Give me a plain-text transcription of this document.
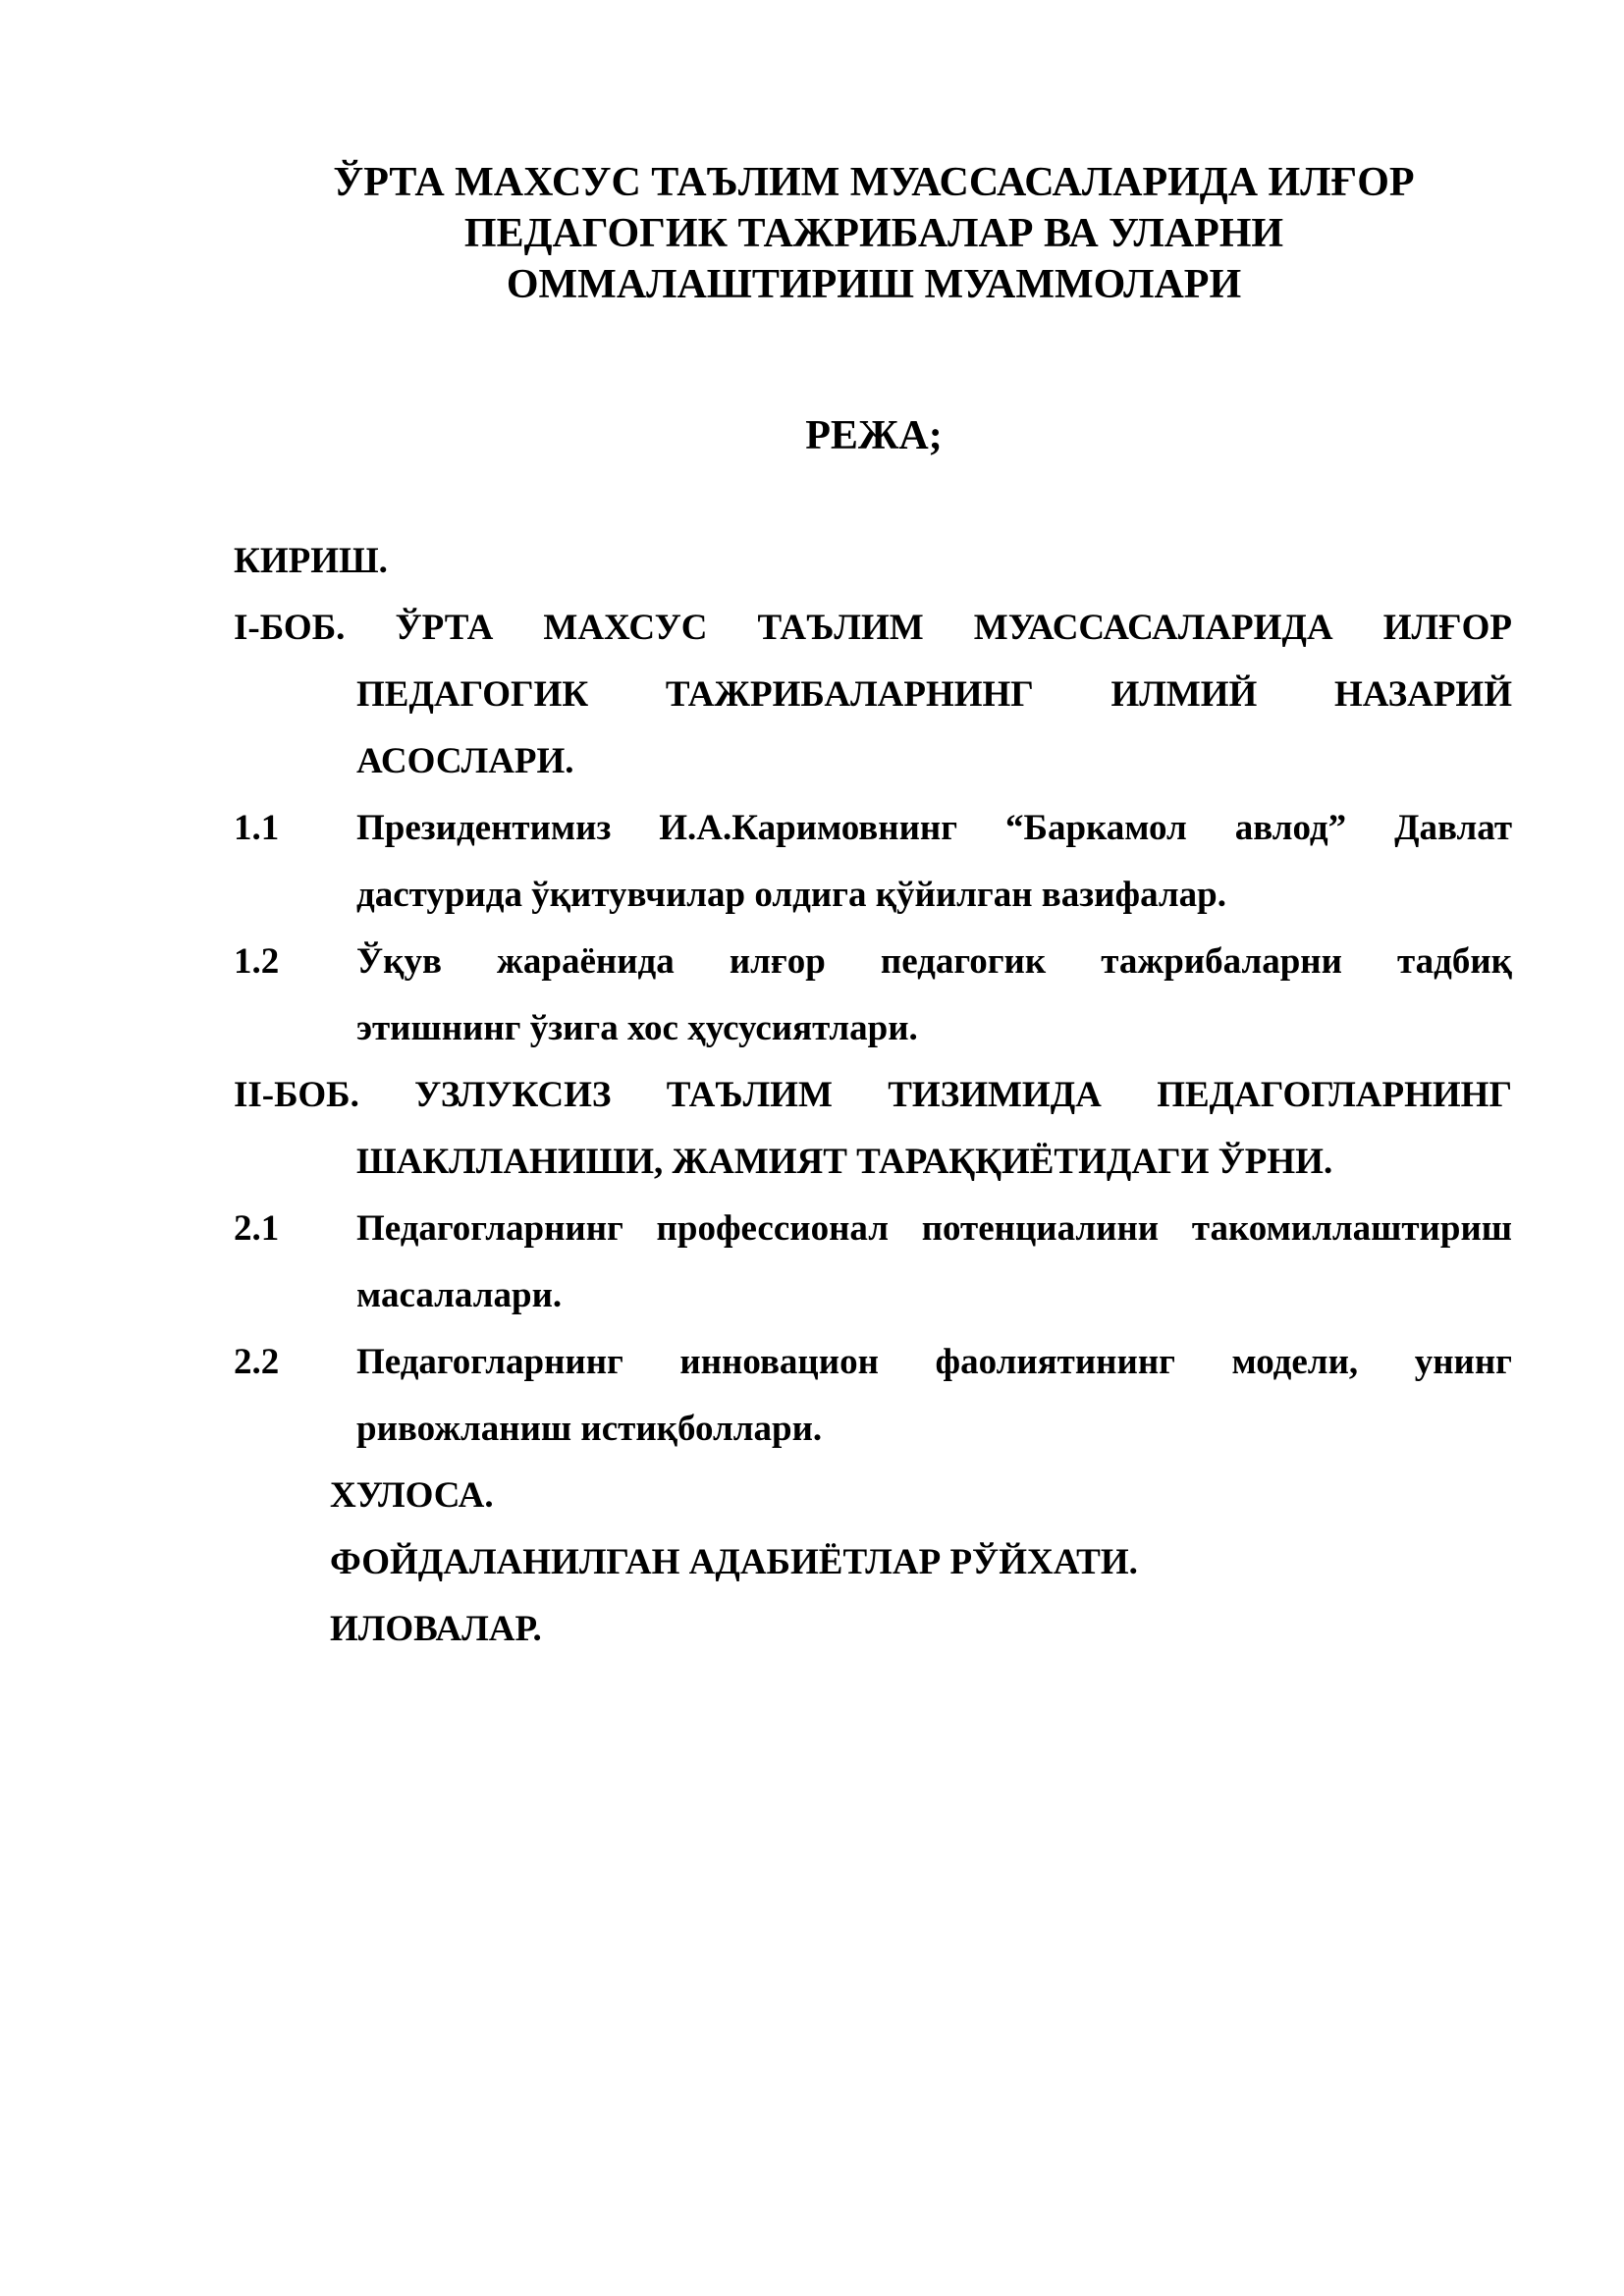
ЎРТА МАХСУС ТАЪЛИМ МУАССАСАЛАРИДА ИЛҒОР
ПЕДАГОГИК ТАЖРИБАЛАР ВА УЛАРНИ
ОММАЛАШТИРИШ МУАММОЛАРИ
РЕЖА;
КИРИШ.
I-БОБ. ЎРТА МАХСУС ТАЪЛИМ МУАССАСАЛАРИДА ИЛҒОР
ПЕДАГОГИК ТАЖРИБАЛАРНИНГ ИЛМИЙ НАЗАРИЙ
АСОСЛАРИ.
1.1 Президентимиз И.А.Каримовнинг “Баркамол авлод” Давлат
дастурида ўқитувчилар олдига қўйилган вазифалар.
1.2 Ўқув жараёнида илғор педагогик тажрибаларни тадбиқ
этишнинг ўзига хос ҳусусиятлари.
II-БОБ. УЗЛУКСИЗ ТАЪЛИМ ТИЗИМИДА ПЕДАГОГЛАРНИНГ
ШАКЛЛАНИШИ, ЖАМИЯТ ТАРАҚҚИЁТИДАГИ ЎРНИ.
2.1 Педагогларнинг профессионал потенциалини такомиллаштириш
масалалари.
2.2 Педагогларнинг инновацион фаолиятининг модели, унинг
ривожланиш истиқболлари.
ХУЛОСА.
ФОЙДАЛАНИЛГАН АДАБИЁТЛАР РЎЙХАТИ.
ИЛОВАЛАР.
